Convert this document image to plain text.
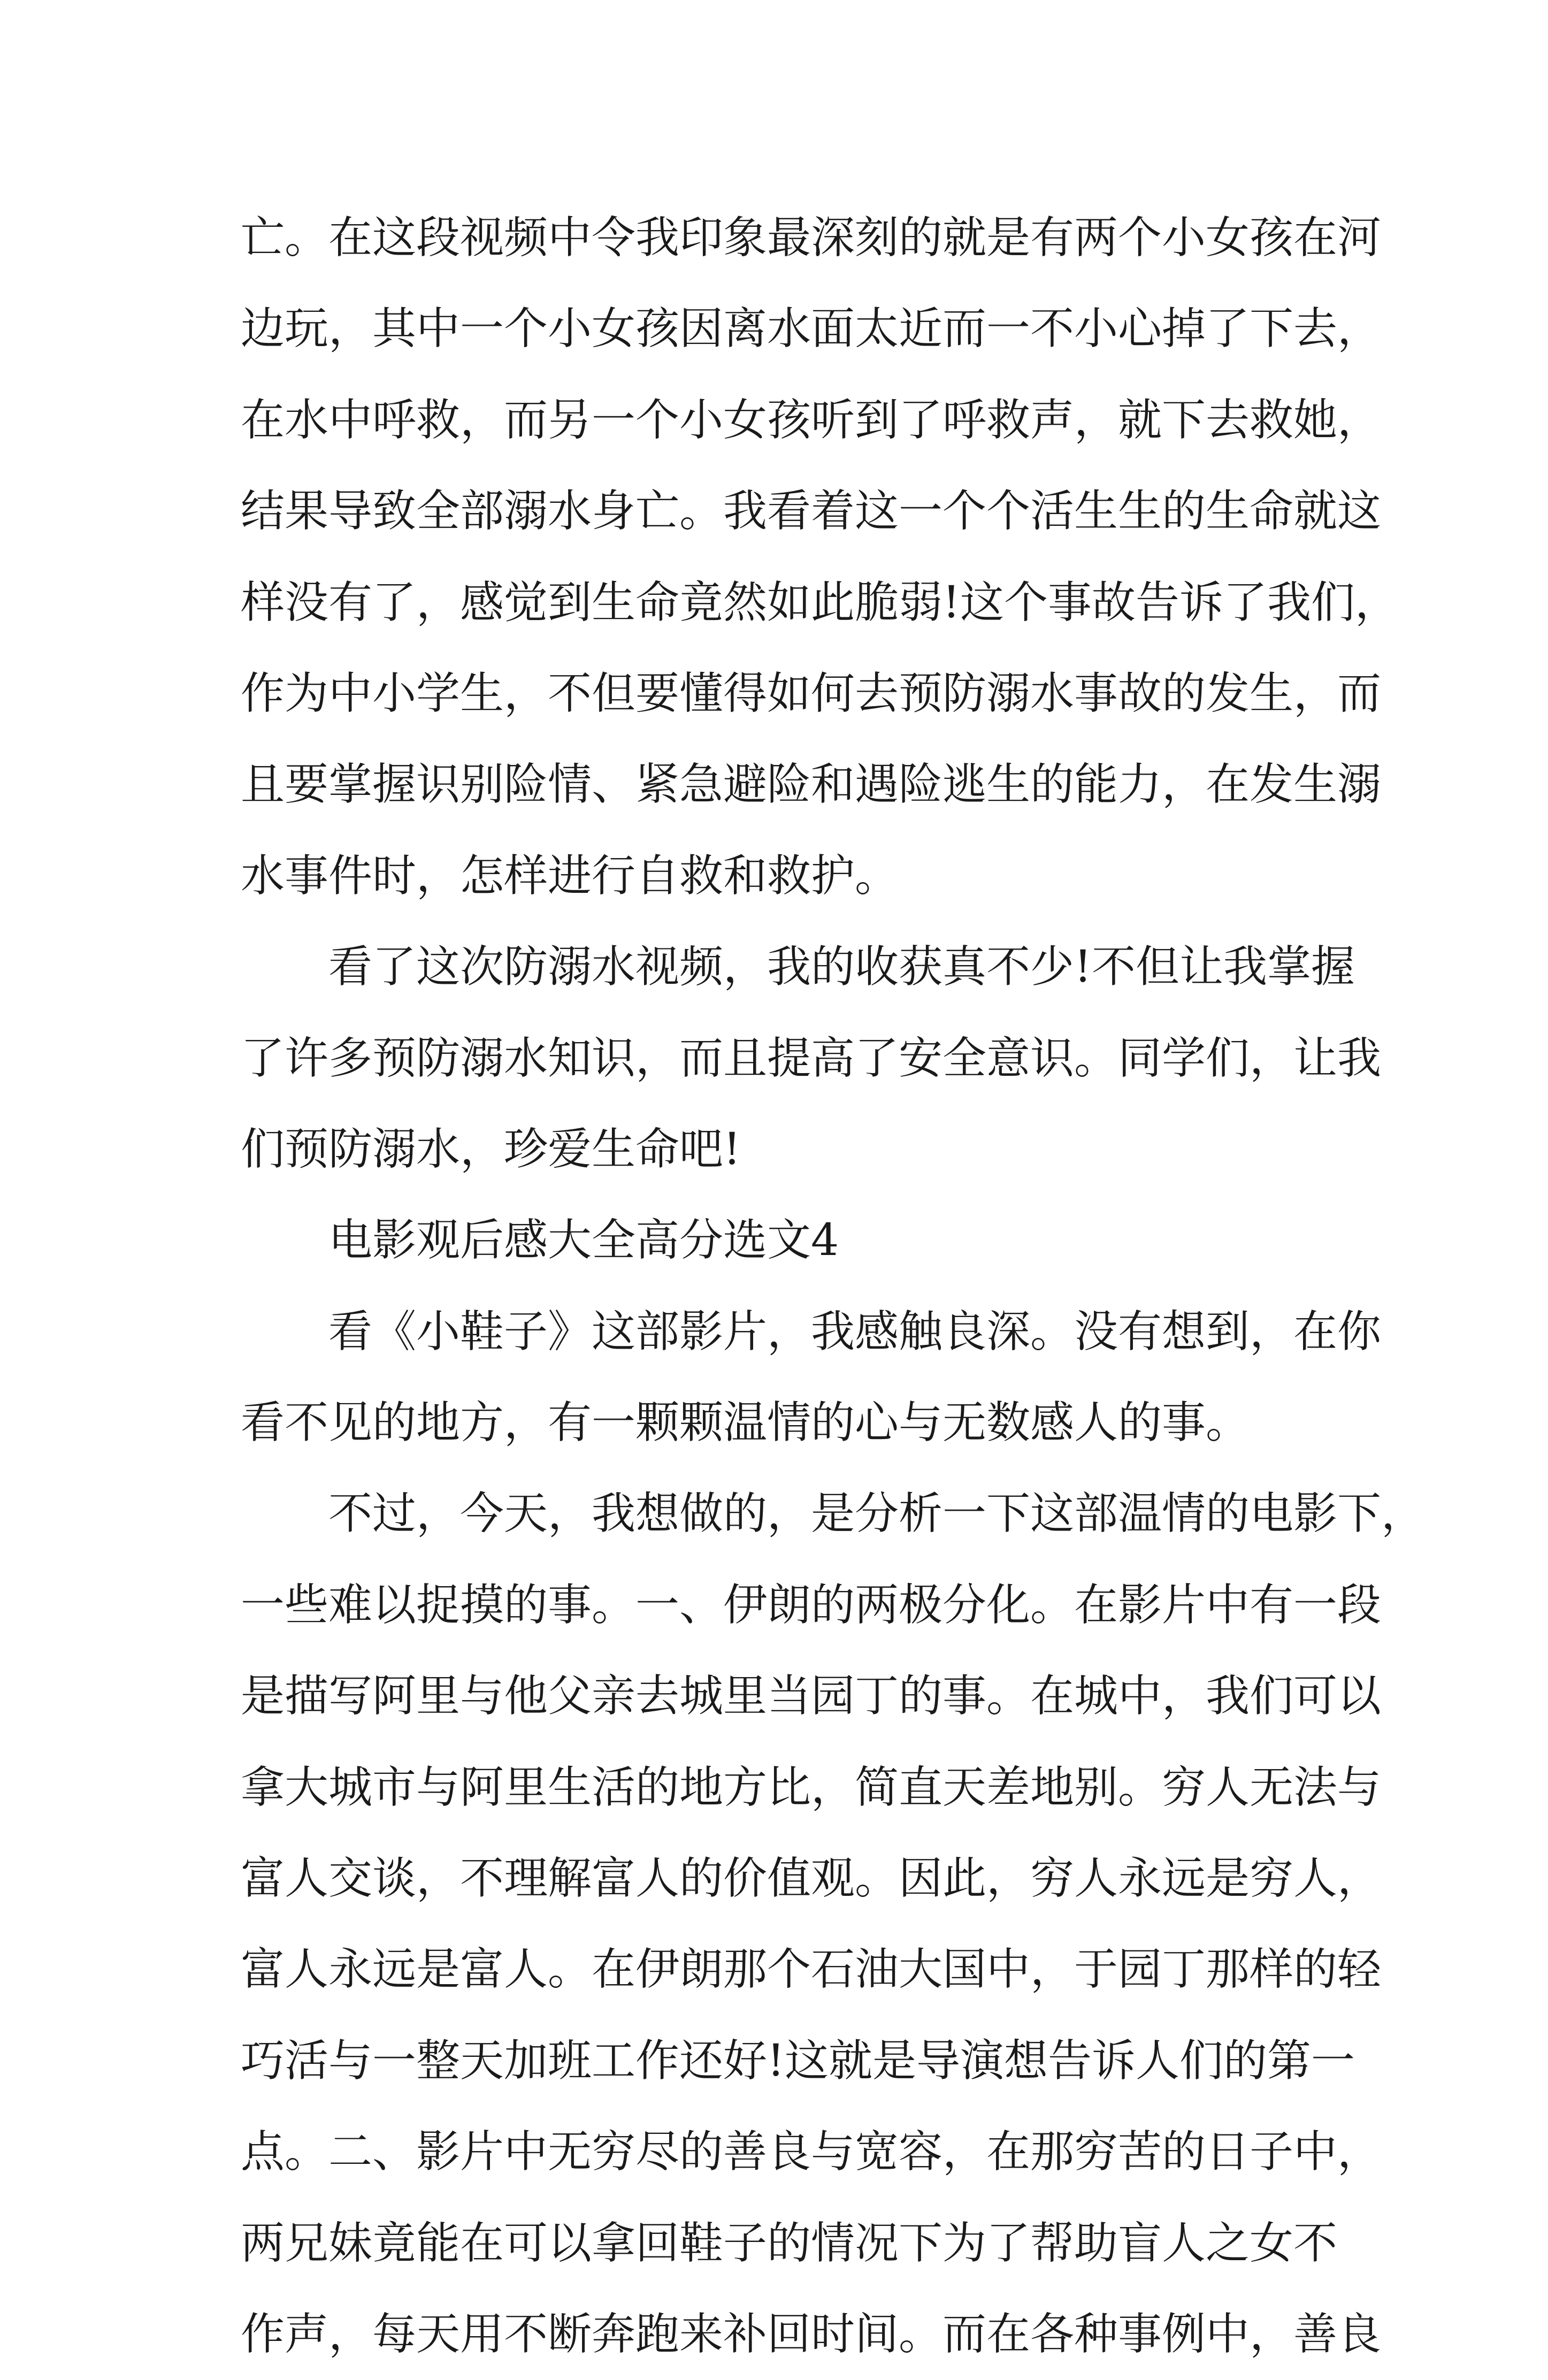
亡。在这段视频中令我印象最深刻的就是有两个小女孩在河
边玩，其中一个小女孩因离水面太近而一不小心掉了下去，
在水中呼救，而另一个小女孩听到了呼救声，就下去救她，
结果导致全部溺水身亡。我看着这一个个活生生的生命就这
样没有了，感觉到生命竟然如此脆弱!这个事故告诉了我们，
作为中小学生，不但要懂得如何去预防溺水事故的发生，而
且要掌握识别险情、紧急避险和遇险逃生的能力，在发生溺
水事件时，怎样进行自救和救护。
看了这次防溺水视频，我的收获真不少!不但让我掌握
了许多预防溺水知识，而且提高了安全意识。同学们，让我
们预防溺水，珍爱生命吧!
电影观后感大全高分选文4
看《小鞋子》这部影片，我感触良深。没有想到，在你
看不见的地方，有一颗颗温情的心与无数感人的事。
不过，今天，我想做的，是分析一下这部温情的电影下，
一些难以捉摸的事。一、伊朗的两极分化。在影片中有一段
是描写阿里与他父亲去城里当园丁的事。在城中，我们可以
拿大城市与阿里生活的地方比，简直天差地别。穷人无法与
富人交谈，不理解富人的价值观。因此，穷人永远是穷人，
富人永远是富人。在伊朗那个石油大国中，于园丁那样的轻
巧活与一整天加班工作还好!这就是导演想告诉人们的第一
点。二、影片中无穷尽的善良与宽容，在那穷苦的日子中，
两兄妹竟能在可以拿回鞋子的情况下为了帮助盲人之女不
作声，每天用不断奔跑来补回时间。而在各种事例中，善良
